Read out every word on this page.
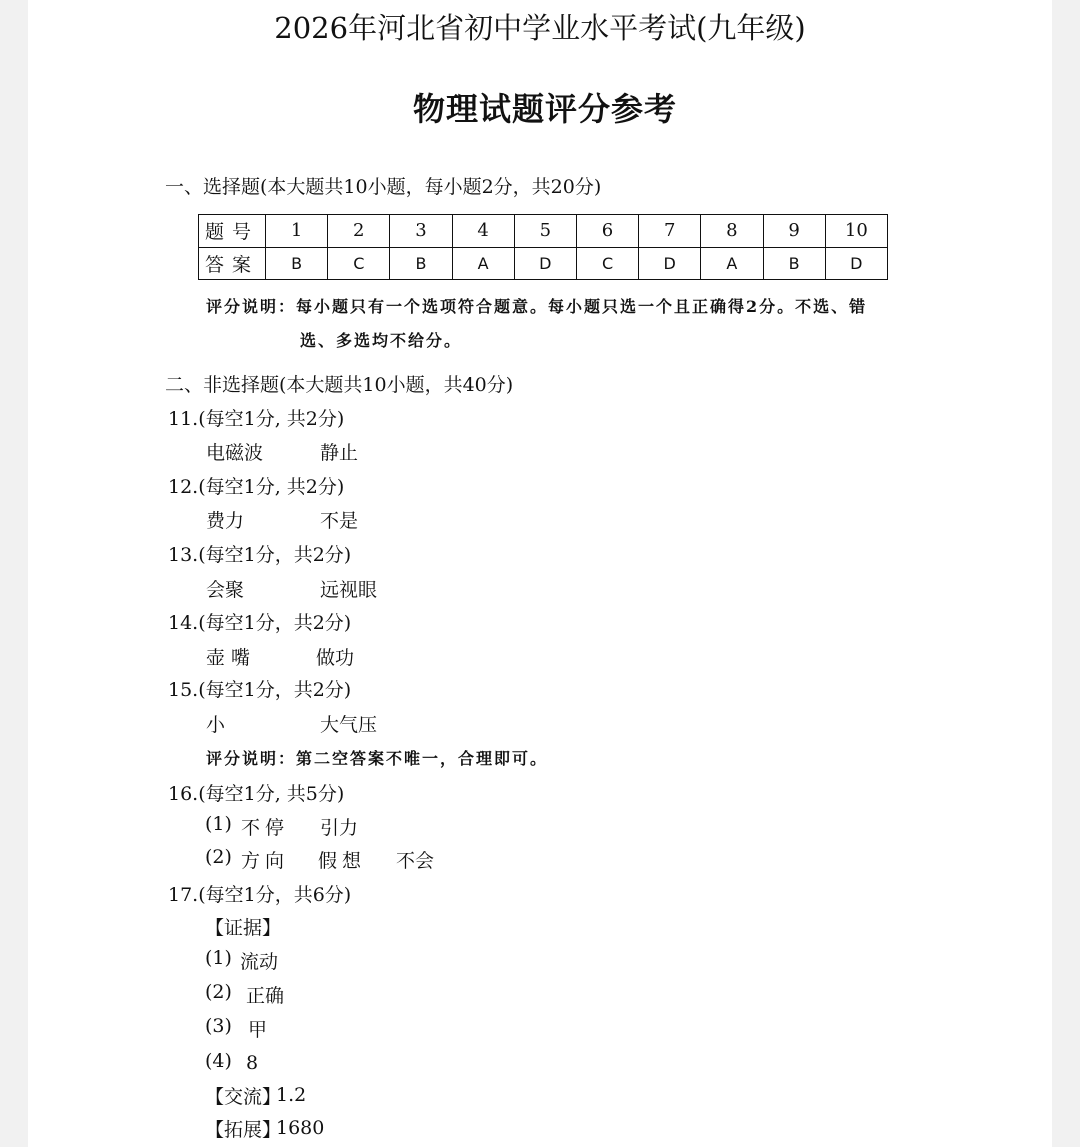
2026年河北省初中学业水平考试(九年级)
物理试题评分参考
一、选择题(本大题共10小题，每小题2分，共20分)
题号	1	2	3	4	5	6	7	8	9	10
答案	B	C	B	A	D	C	D	A	B	D
评分说明：每小题只有一个选项符合题意。每小题只选一个且正确得2分。不选、错
选、多选均不给分。
二、非选择题(本大题共10小题，共40分)
11.(每空1分, 共2分)
电磁波	静止
12.(每空1分, 共2分)
费力	不是
13.(每空1分，共2分)
会聚	远视眼
14.(每空1分，共2分)
壶 嘴	做功
15.(每空1分，共2分)
小	大气压
评分说明：第二空答案不唯一，合理即可。
16.(每空1分, 共5分)
(1) 不停 引力
(2) 方向 假想 不会
17.(每空1分，共6分)
【证据】
(1) 流动
(2) 正确
(3) 甲
(4) 8
【交流】
1.2
【拓展】
1680
